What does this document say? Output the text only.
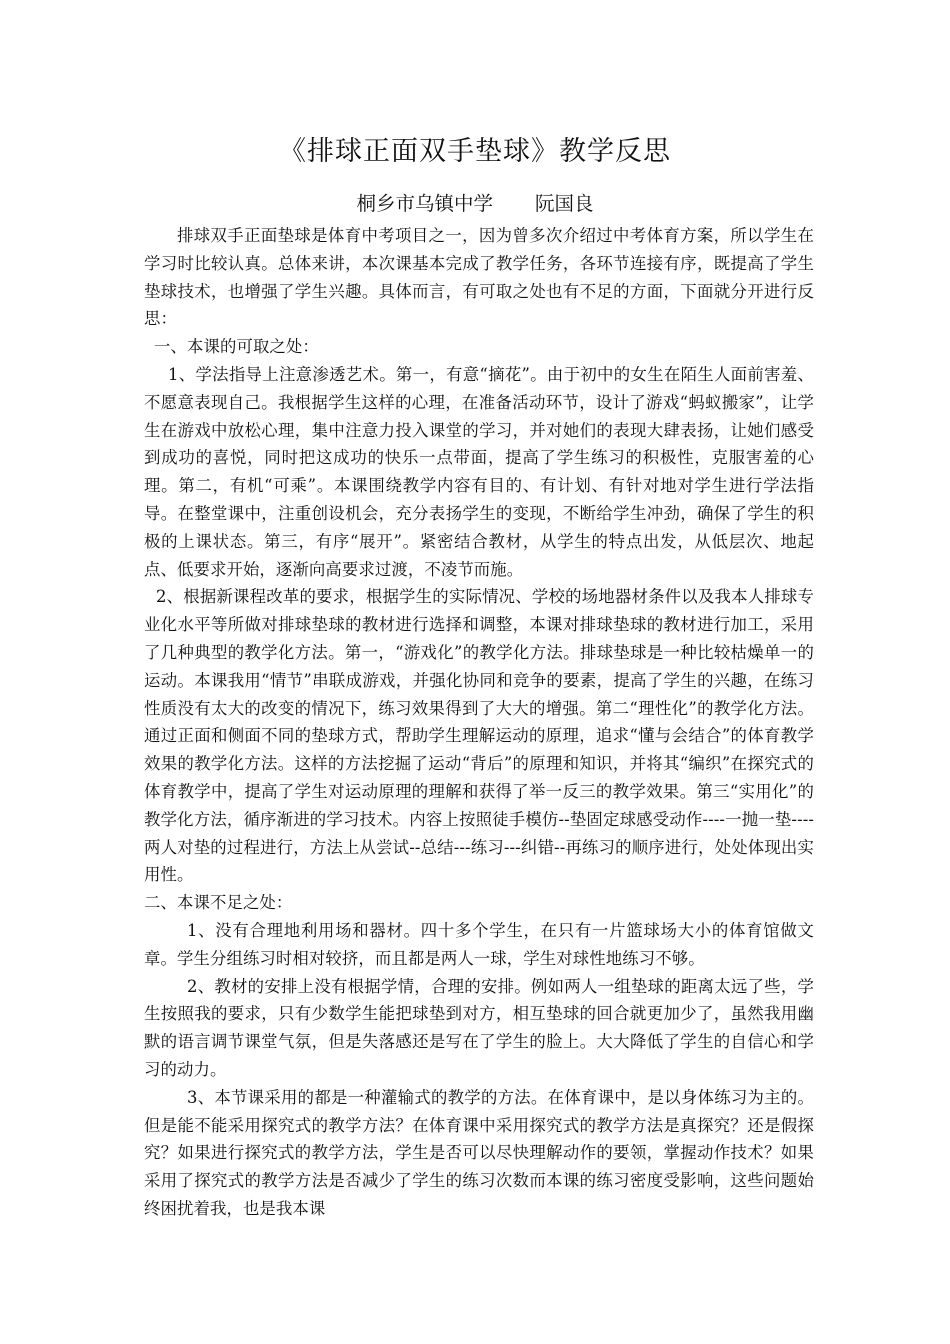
《排球正面双手垫球》教学反思
桐乡市乌镇中学 阮国良

排球双手正面垫球是体育中考项目之一，因为曾多次介绍过中考体育方案，所以学生在学习时比较认真。总体来讲，本次课基本完成了教学任务，各环节连接有序，既提高了学生垫球技术，也增强了学生兴趣。具体而言，有可取之处也有不足的方面，下面就分开进行反思：

一、本课的可取之处：

1、学法指导上注意渗透艺术。第一，有意“摘花”。由于初中的女生在陌生人面前害羞、不愿意表现自己。我根据学生这样的心理，在准备活动环节，设计了游戏“蚂蚁搬家”，让学生在游戏中放松心理，集中注意力投入课堂的学习，并对她们的表现大肆表扬，让她们感受到成功的喜悦，同时把这成功的快乐一点带面，提高了学生练习的积极性，克服害羞的心理。第二，有机“可乘”。本课围绕教学内容有目的、有计划、有针对地对学生进行学法指导。在整堂课中，注重创设机会，充分表扬学生的变现，不断给学生冲劲，确保了学生的积极的上课状态。第三，有序“展开”。紧密结合教材，从学生的特点出发，从低层次、地起点、低要求开始，逐渐向高要求过渡，不凌节而施。

2、根据新课程改革的要求，根据学生的实际情况、学校的场地器材条件以及我本人排球专业化水平等所做对排球垫球的教材进行选择和调整，本课对排球垫球的教材进行加工，采用了几种典型的教学化方法。第一，“游戏化”的教学化方法。排球垫球是一种比较枯燥单一的运动。本课我用“情节”串联成游戏，并强化协同和竞争的要素，提高了学生的兴趣，在练习性质没有太大的改变的情况下，练习效果得到了大大的增强。第二“理性化”的教学化方法。通过正面和侧面不同的垫球方式，帮助学生理解运动的原理，追求“懂与会结合”的体育教学效果的教学化方法。这样的方法挖掘了运动“背后”的原理和知识，并将其“编织”在探究式的体育教学中，提高了学生对运动原理的理解和获得了举一反三的教学效果。第三“实用化”的教学化方法，循序渐进的学习技术。内容上按照徒手模仿--垫固定球感受动作----一抛一垫----两人对垫的过程进行，方法上从尝试--总结---练习---纠错--再练习的顺序进行，处处体现出实用性。

二、本课不足之处：

1、没有合理地利用场和器材。四十多个学生，在只有一片篮球场大小的体育馆做文章。学生分组练习时相对较挤，而且都是两人一球，学生对球性地练习不够。

2、教材的安排上没有根据学情，合理的安排。例如两人一组垫球的距离太远了些，学生按照我的要求，只有少数学生能把球垫到对方，相互垫球的回合就更加少了，虽然我用幽默的语言调节课堂气氛，但是失落感还是写在了学生的脸上。大大降低了学生的自信心和学习的动力。

3、本节课采用的都是一种灌输式的教学的方法。在体育课中，是以身体练习为主的。但是能不能采用探究式的教学方法？在体育课中采用探究式的教学方法是真探究？还是假探究？如果进行探究式的教学方法，学生是否可以尽快理解动作的要领，掌握动作技术？如果采用了探究式的教学方法是否减少了学生的练习次数而本课的练习密度受影响，这些问题始终困扰着我，也是我本课
